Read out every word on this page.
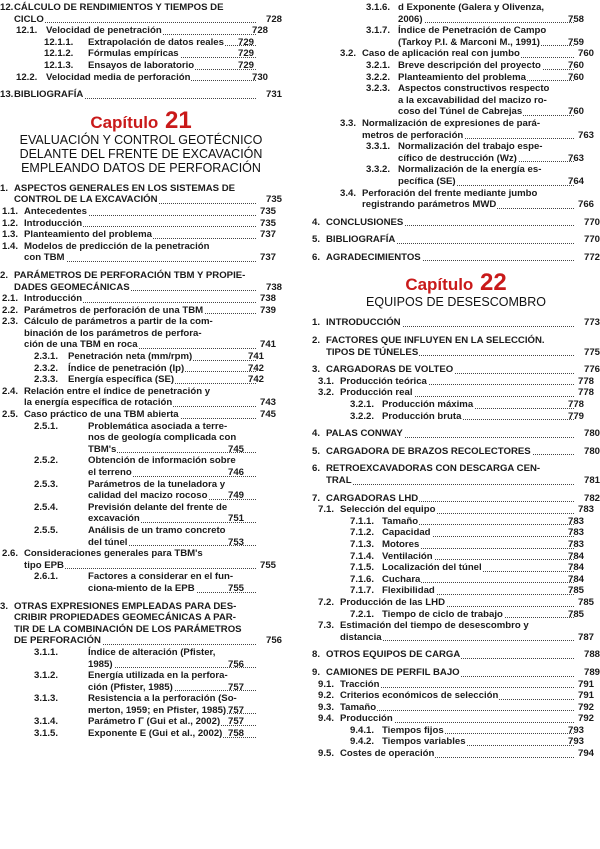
12.CÁLCULO DE RENDIMIENTOS Y TIEMPOS DE
CICLO	728
12.1. Velocidad de penetración	728
12.1.1. Extrapolación de datos reales 729
12.1.2. Fórmulas empíricas	729
12.1.3. Ensayos de laboratorio	729
12.2. Velocidad media de perforación	730
13.BIBLIOGRAFÍA	731
Capítulo 21
EVALUACIÓN Y CONTROL GEOTÉCNICO
DELANTE DEL FRENTE DE EXCAVACIÓN
EMPLEANDO DATOS DE PERFORACIÓN
1. ASPECTOS GENERALES EN LOS SISTEMAS DE
CONTROL DE LA EXCAVACIÓN	735
1.1. Antecedentes	735
1.2. Introducción	735
1.3. Planteamiento del problema	737
1.4. Modelos de predicción de la penetración
con TBM	737
2. PARÁMETROS DE PERFORACIÓN TBM Y PROPIE-
DADES GEOMECÁNICAS	738
2.1. Introducción	738
2.2. Parámetros de perforación de una TBM	739
2.3. Cálculo de parámetros a partir de la com-
binación de los parámetros de perfora-
ción de una TBM en roca	741
2.3.1. Penetración neta (mm/rpm)	741
2.3.2. Índice de penetración (Ip)	742
2.3.3. Energía específica (SE)	742
2.4. Relación entre el índice de penetración y
la energía específica de rotación	743
2.5. Caso práctico de una TBM abierta	745
2.5.1.	Problemática asociada a terre-
nos de geología complicada con
TBM's	745
2.5.2.	Obtención de información sobre
el terreno	746
2.5.3.	Parámetros de la tuneladora y
calidad del macizo rocoso 749
2.5.4.	Previsión delante del frente de
excavación	751
2.5.5.	Análisis de un tramo concreto
del túnel	753
2.6. Consideraciones generales para TBM's
tipo EPB	755
2.6.1.	Factores a considerar en el fun-
ciona-miento de la EPB	755
3. OTRAS EXPRESIONES EMPLEADAS PARA DES-
CRIBIR PROPIEDADES GEOMECÁNICAS A PAR-
TIR DE LA COMBINACIÓN DE LOS PARÁMETROS
DE PERFORACIÓN	756
3.1.1.	Índice de alteración (Pfister,
1985)	756
3.1.2.	Energía utilizada en la perfora-
ción (Pfister, 1985)	757
3.1.3.	Resistencia a la perforación (So-
merton, 1959; en Pfister, 1985) 757
3.1.4.	Parámetro Γ (Gui et al., 2002) 757
3.1.5.	Exponente E (Gui et al., 2002) 758
3.1.6. d Exponente (Galera y Olivenza,
2006)	758
3.1.7. Índice de Penetración de Campo
(Tarkoy P.I. & Marconi M., 1991)	759
3.2. Caso de aplicación real con jumbo	760
3.2.1. Breve descripción del proyecto	760
3.2.2. Planteamiento del problema	760
3.2.3. Aspectos constructivos respecto
a la excavabilidad del macizo ro-
coso del Túnel de Cabrejas	760
3.3. Normalización de expresiones de pará-
metros de perforación	763
3.3.1. Normalización del trabajo espe-
cífico de destrucción (Wz)	763
3.3.2. Normalización de la energía es-
pecífica (SE)	764
3.4. Perforación del frente mediante jumbo
registrando parámetros MWD	766
4. CONCLUSIONES	770
5. BIBLIOGRAFÍA	770
6. AGRADECIMIENTOS	772
Capítulo 22
EQUIPOS DE DESESCOMBRO
1. INTRODUCCIÓN	773
2. FACTORES QUE INFLUYEN EN LA SELECCIÓN.
TIPOS DE TÚNELES	775
3. CARGADORAS DE VOLTEO	776
3.1. Producción teórica	778
3.2. Producción real	778
3.2.1. Producción máxima	778
3.2.2. Producción bruta	779
4. PALAS CONWAY	780
5. CARGADORA DE BRAZOS RECOLECTORES	780
6. RETROEXCAVADORAS CON DESCARGA CEN-
TRAL	781
7. CARGADORAS LHD	782
7.1. Selección del equipo	783
7.1.1. Tamaño	783
7.1.2. Capacidad	783
7.1.3. Motores	783
7.1.4. Ventilación	784
7.1.5. Localización del túnel	784
7.1.6. Cuchara	784
7.1.7. Flexibilidad	785
7.2. Producción de las LHD	785
7.2.1. Tiempo de ciclo de trabajo	785
7.3. Estimación del tiempo de desescombro y
distancia	787
8. OTROS EQUIPOS DE CARGA	788
9. CAMIONES DE PERFIL BAJO	789
9.1. Tracción	791
9.2. Criterios económicos de selección	791
9.3. Tamaño	792
9.4. Producción	792
9.4.1. Tiempos fijos	793
9.4.2. Tiempos variables	793
9.5. Costes de operación	794
